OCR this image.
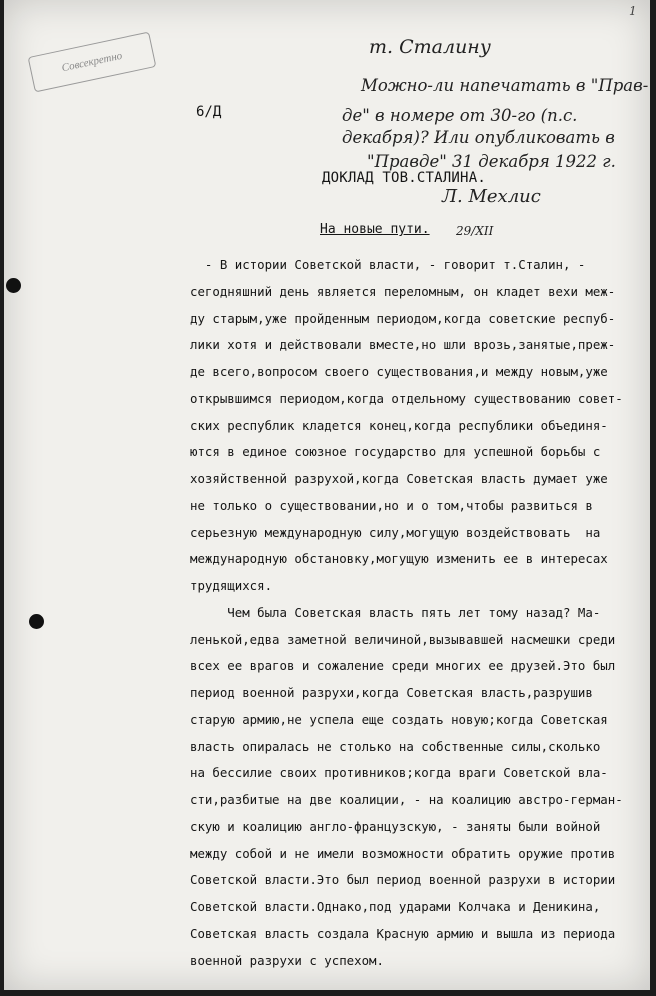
1
Совсекретно
т. Сталину
Можно-ли напечатать в "Прав-
де" в номере от 30-го (п.с.
декабря)? Или опубликовать в
"Правде" 31 декабря 1922 г.
6/Д
ДОКЛАД ТОВ.СТАЛИНА.
Л. Мехлис
29/XII
На новые пути.
- В истории Советской власти, - говорит т.Сталин, -
сегодняшний день является переломным, он кладет вехи меж-
ду старым,уже пройденным периодом,когда советские респуб-
лики хотя и действовали вместе,но шли врозь,занятые,преж-
де всего,вопросом своего существования,и между новым,уже
открывшимся периодом,когда отдельному существованию совет-
ских республик кладется конец,когда республики объединя-
ются в единое союзное государство для успешной борьбы с
хозяйственной разрухой,когда Советская власть думает уже
не только о существовании,но и о том,чтобы развиться в
серьезную международную силу,могущую воздействовать  на
международную обстановку,могущую изменить ее в интересах
трудящихся.
Чем была Советская власть пять лет тому назад? Ма-
ленькой,едва заметной величиной,вызывавшей насмешки среди
всех ее врагов и сожаление среди многих ее друзей.Это был
период военной разрухи,когда Советская власть,разрушив
старую армию,не успела еще создать новую;когда Советская
власть опиралась не столько на собственные силы,сколько
на бессилие своих противников;когда враги Советской вла-
сти,разбитые на две коалиции, - на коалицию австро-герман-
скую и коалицию англо-французскую, - заняты были войной
между собой и не имели возможности обратить оружие против
Советской власти.Это был период военной разрухи в истории
Советской власти.Однако,под ударами Колчака и Деникина,
Советская власть создала Красную армию и вышла из периода
военной разрухи с успехом.
